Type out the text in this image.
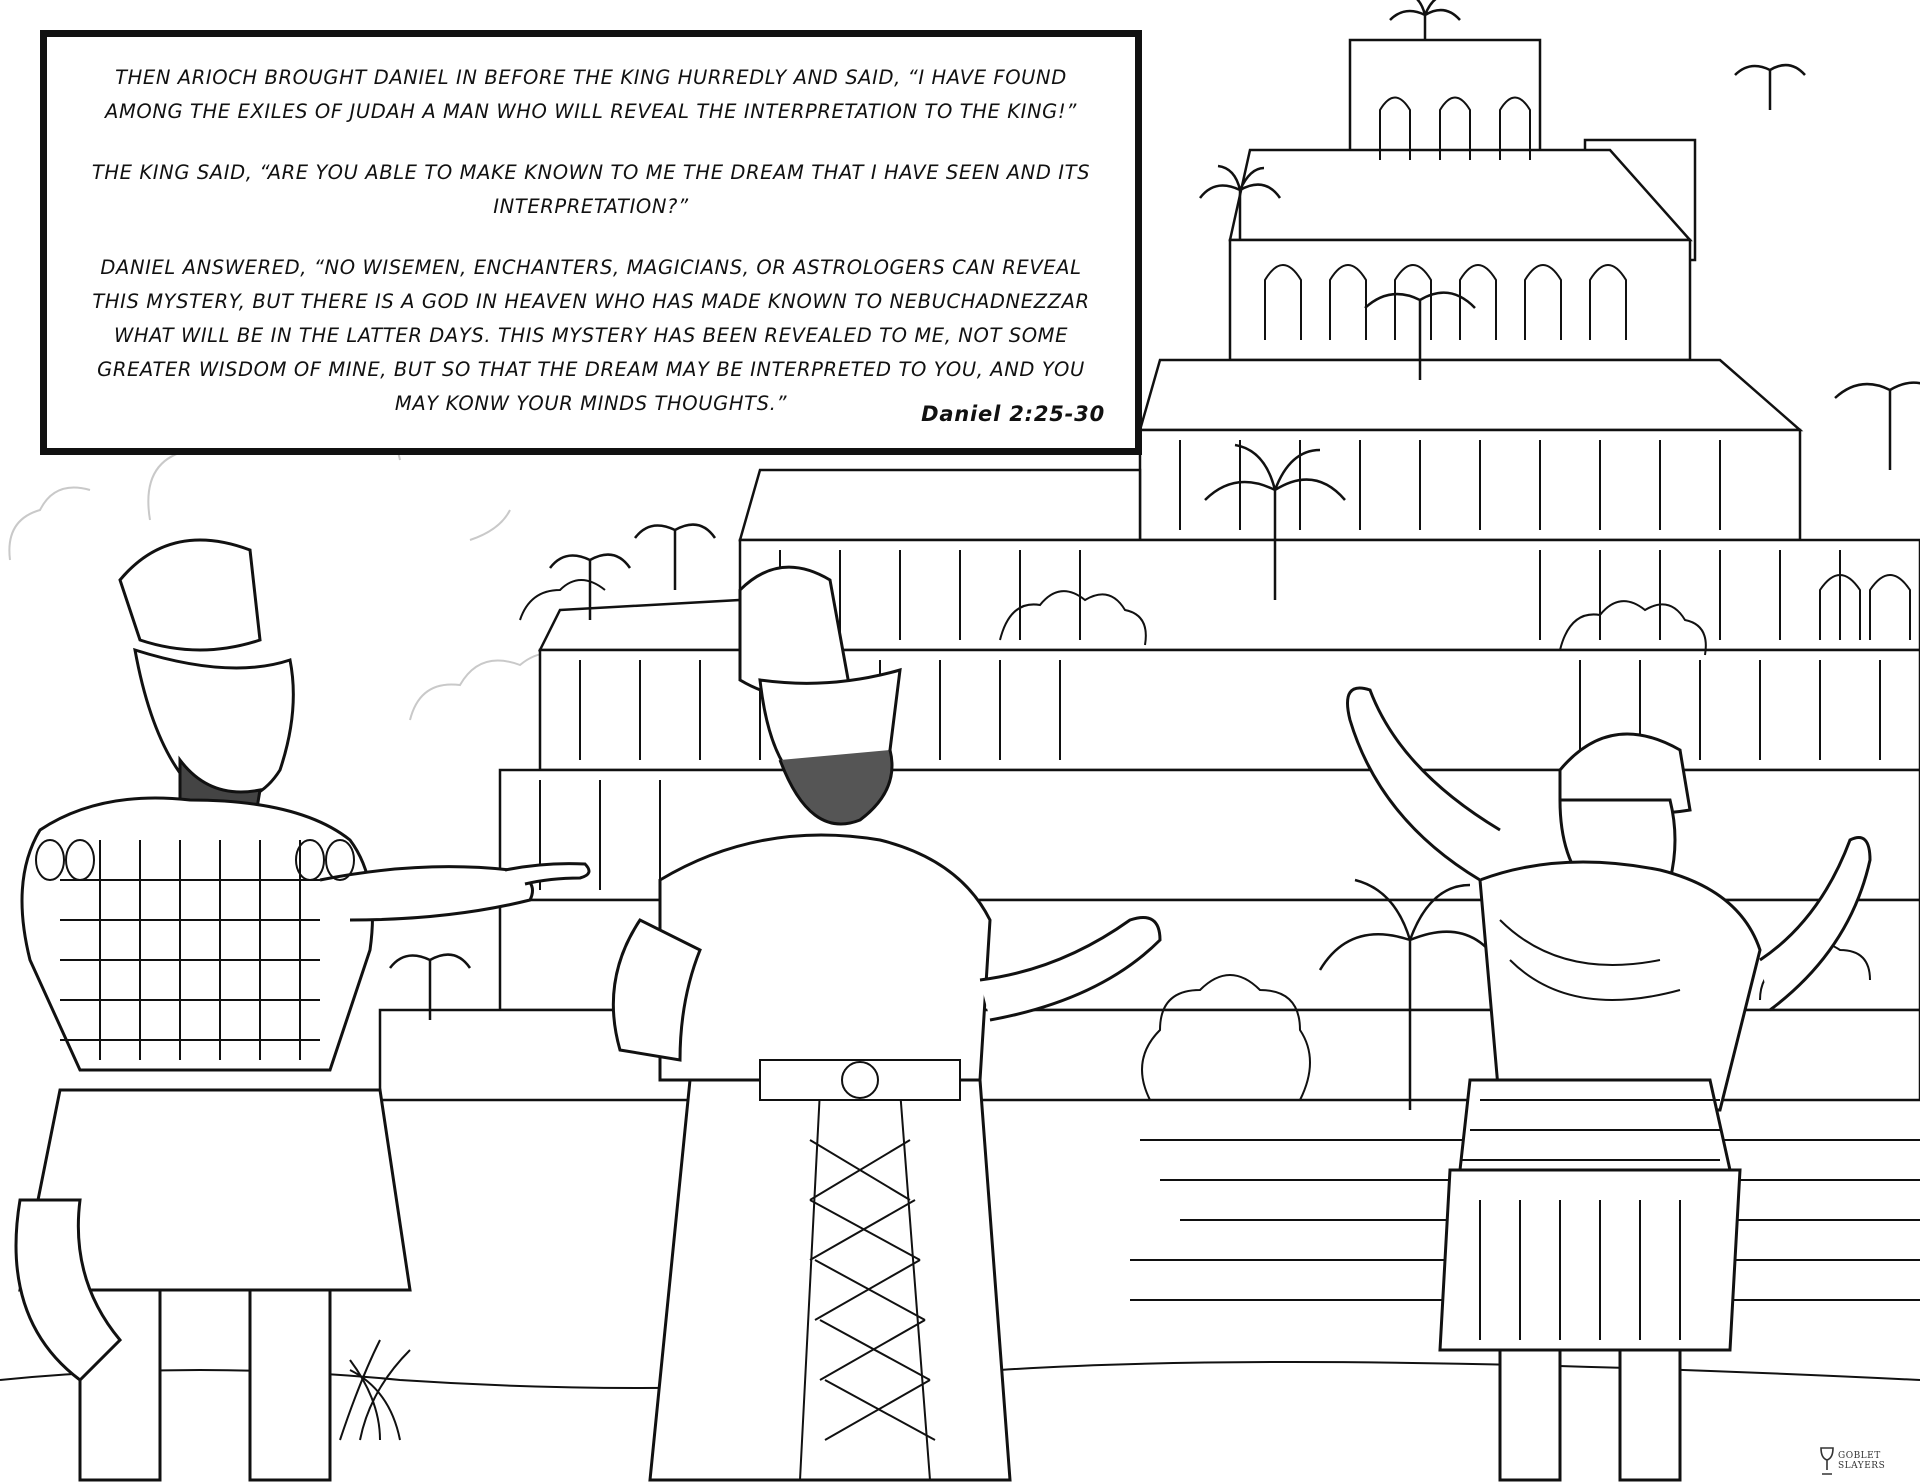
THEN ARIOCH BROUGHT DANIEL IN BEFORE THE KING HURREDLY AND SAID, “I HAVE FOUND AMONG THE EXILES OF JUDAH A MAN WHO WILL REVEAL THE INTERPRETATION TO THE KING!”

THE KING SAID, “ARE YOU ABLE TO MAKE KNOWN TO ME THE DREAM THAT I HAVE SEEN AND ITS INTERPRETATION?”

DANIEL ANSWERED, “NO WISEMEN, ENCHANTERS, MAGICIANS, OR ASTROLOGERS CAN REVEAL THIS MYSTERY, BUT THERE IS A GOD IN HEAVEN WHO HAS MADE KNOWN TO NEBUCHADNEZZAR WHAT WILL BE IN THE LATTER DAYS. THIS MYSTERY HAS BEEN REVEALED TO ME, NOT SOME GREATER WISDOM OF MINE, BUT SO THAT THE DREAM MAY BE INTERPRETED TO YOU, AND YOU MAY KONW YOUR MINDS THOUGHTS.”	Daniel 2:25-30
GOBLET
SLAYERS
